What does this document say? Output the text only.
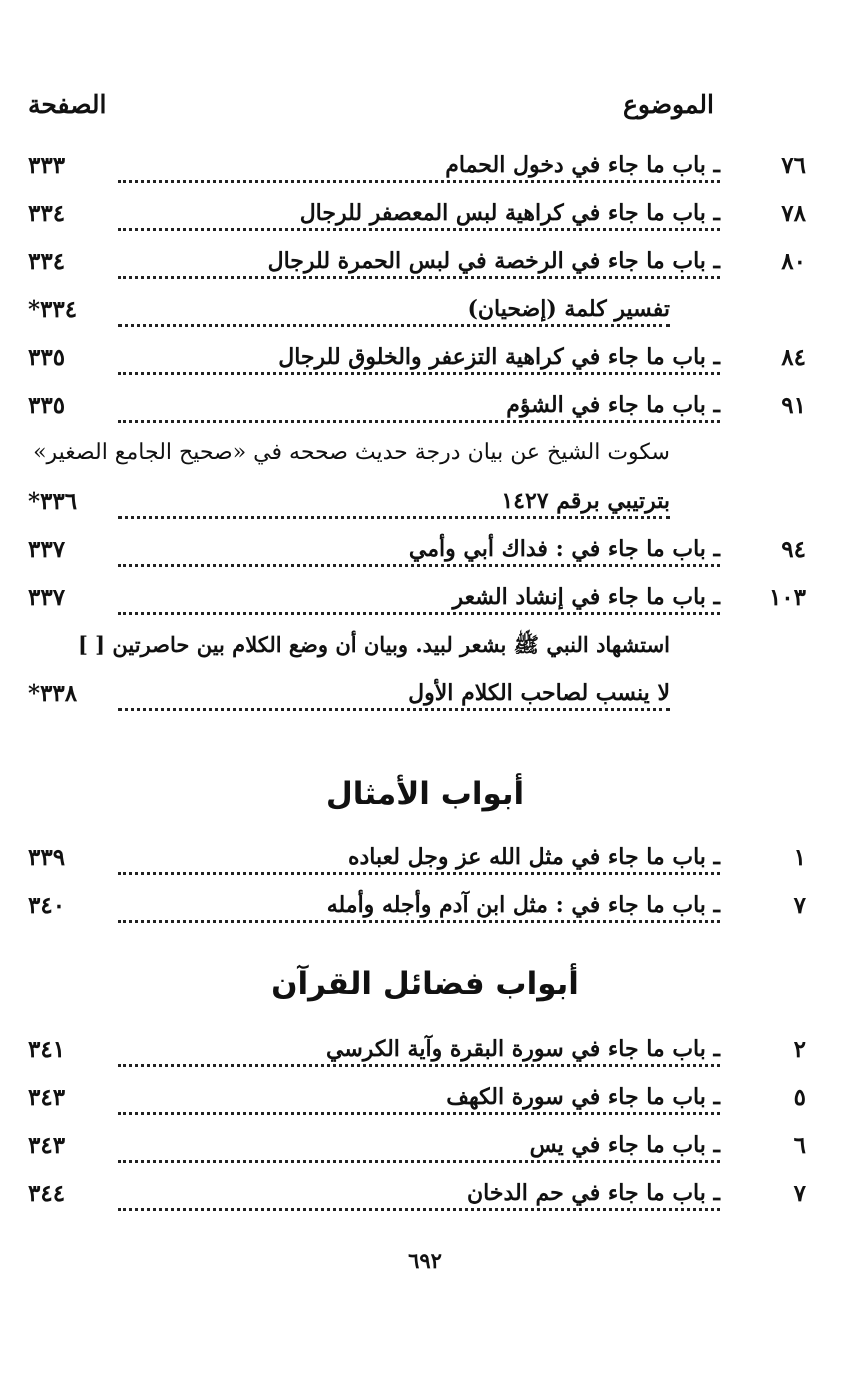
الموضوع
الصفحة
٧٦
ـ باب ما جاء في دخول الحمام
٣٣٣
٧٨
ـ باب ما جاء في كراهية لبس المعصفر للرجال
٣٣٤
٨٠
ـ باب ما جاء في الرخصة في لبس الحمرة للرجال
٣٣٤
تفسير كلمة (إضحيان)
٣٣٤*
٨٤
ـ باب ما جاء في كراهية التزعفر والخلوق للرجال
٣٣٥
٩١
ـ باب ما جاء في الشؤم
٣٣٥
سكوت الشيخ عن بيان درجة حديث صححه في «صحيح الجامع الصغير»
بترتيبي برقم ١٤٢٧
٣٣٦*
٩٤
ـ باب ما جاء في : فداك أبي وأمي
٣٣٧
١٠٣
ـ باب ما جاء في إنشاد الشعر
٣٣٧
استشهاد النبي ﷺ بشعر لبيد. وبيان أن وضع الكلام بين حاصرتين [ ]
لا ينسب لصاحب الكلام الأول
٣٣٨*
أبواب الأمثال
١
ـ باب ما جاء في مثل الله عز وجل لعباده
٣٣٩
٧
ـ باب ما جاء في : مثل ابن آدم وأجله وأمله
٣٤٠
أبواب فضائل القرآن
٢
ـ باب ما جاء في سورة البقرة وآية الكرسي
٣٤١
٥
ـ باب ما جاء في سورة الكهف
٣٤٣
٦
ـ باب ما جاء في يس
٣٤٣
٧
ـ باب ما جاء في حم الدخان
٣٤٤
٦٩٢
